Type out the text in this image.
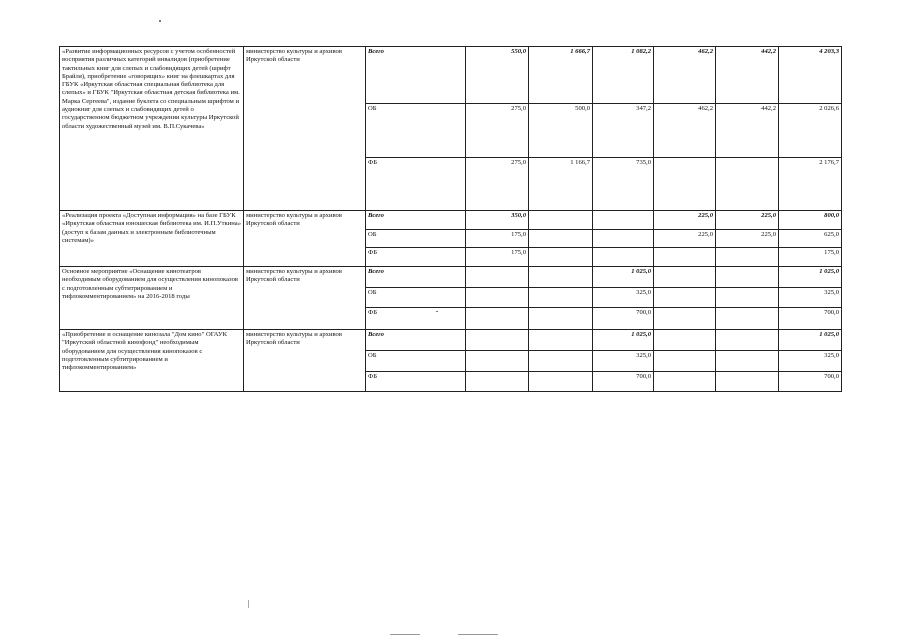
«Развитие информационных ресурсов с учетом особенностей восприятия различных категорий инвалидов (приобретение тактильных книг для слепых и слабовидящих детей (шрифт Брайля), приобретение «говорящих» книг на флешкартах для ГБУК «Иркутская областная специальная библиотека для слепых» и ГБУК "Иркутская областная детская библиотека им. Марка Сергеева", издание буклета со специальным шрифтом и аудиокниг для слепых и слабовидящих детей о государственном бюджетном учреждении культуры Иркутской области художественный музей им. В.П.Сукачева»	министерство культуры и архивов Иркутской области	Всего	550,0	1 666,7	1 082,2	462,2	442,2	4 203,3
		ОБ	275,0	500,0	347,2	462,2	442,2	2 026,6
		ФБ	275,0	1 166,7	735,0			2 176,7
«Реализация проекта «Доступная информация» на базе ГБУК «Иркутская областная юношеская библиотека им. И.П.Уткина» (доступ к базам данных и электронным библиотечным системам)»	министерство культуры и архивов Иркутской области	Всего	350,0			225,0	225,0	800,0
		ОБ	175,0			225,0	225,0	625,0
		ФБ	175,0					175,0
Основное мероприятие «Оснащение кинотеатров необходимым оборудованием для осуществления кинопоказов с подготовленным субтитрированием и тифлокомментированием» на 2016-2018 годы	министерство культуры и архивов Иркутской области	Всего			1 025,0			1 025,0
		ОБ			325,0			325,0
		ФБ			700,0			700,0
«Приобретение и оснащение кинозала "Дом кино" ОГАУК "Иркутский областной кинофонд" необходимым оборудованием для осуществления кинопоказов с подготовленным субтитрированием и тифлокомментированием»	министерство культуры и архивов Иркутской области	Всего			1 025,0			1 025,0
		ОБ			325,0			325,0
		ФБ			700,0			700,0
